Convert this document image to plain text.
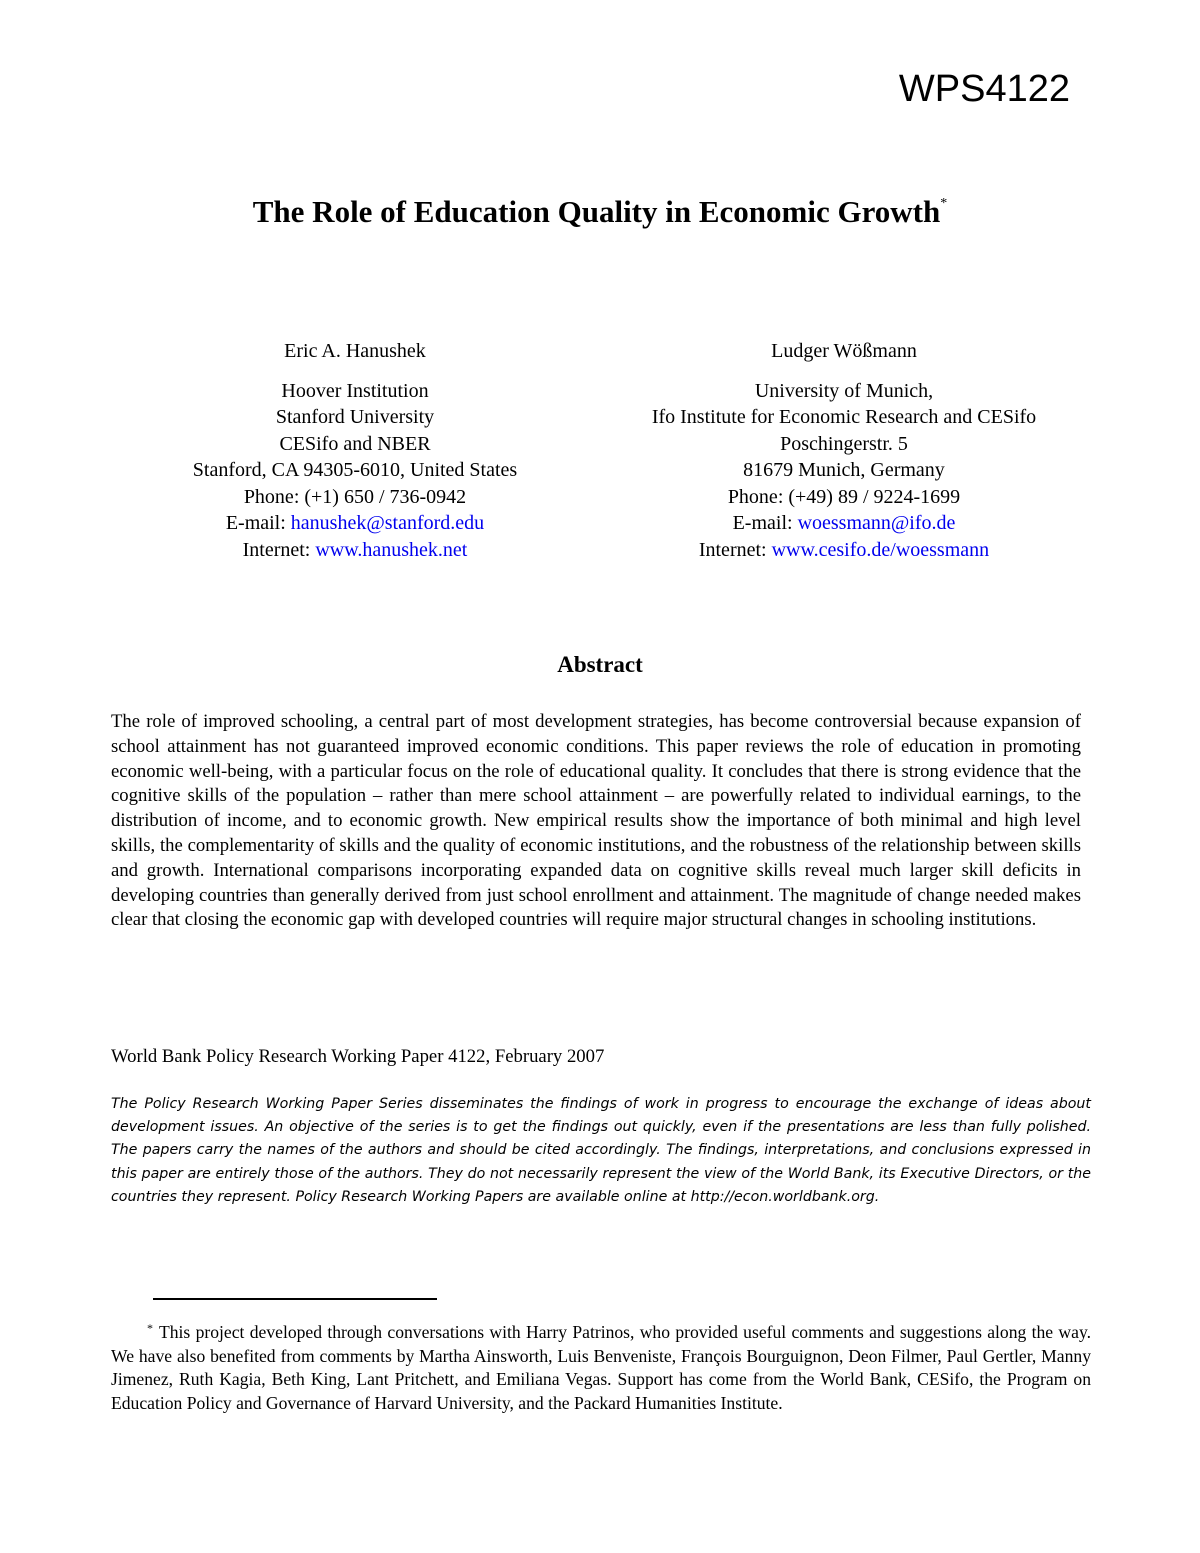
WPS4122
The Role of Education Quality in Economic Growth*
Eric A. Hanushek
Hoover Institution
Stanford University
CESifo and NBER
Stanford, CA 94305-6010, United States
Phone: (+1) 650 / 736-0942
E-mail: hanushek@stanford.edu
Internet: www.hanushek.net
Ludger Wößmann
University of Munich,
Ifo Institute for Economic Research and CESifo
Poschingerstr. 5
81679 Munich, Germany
Phone: (+49) 89 / 9224-1699
E-mail: woessmann@ifo.de
Internet: www.cesifo.de/woessmann
Abstract
The role of improved schooling, a central part of most development strategies, has become controversial because expansion of school attainment has not guaranteed improved economic conditions. This paper reviews the role of education in promoting economic well-being, with a particular focus on the role of educational quality. It concludes that there is strong evidence that the cognitive skills of the population – rather than mere school attainment – are powerfully related to individual earnings, to the distribution of income, and to economic growth. New empirical results show the importance of both minimal and high level skills, the complementarity of skills and the quality of economic institutions, and the robustness of the relationship between skills and growth. International comparisons incorporating expanded data on cognitive skills reveal much larger skill deficits in developing countries than generally derived from just school enrollment and attainment. The magnitude of change needed makes clear that closing the economic gap with developed countries will require major structural changes in schooling institutions.
World Bank Policy Research Working Paper 4122, February 2007
The Policy Research Working Paper Series disseminates the findings of work in progress to encourage the exchange of ideas about development issues. An objective of the series is to get the findings out quickly, even if the presentations are less than fully polished. The papers carry the names of the authors and should be cited accordingly. The findings, interpretations, and conclusions expressed in this paper are entirely those of the authors. They do not necessarily represent the view of the World Bank, its Executive Directors, or the countries they represent. Policy Research Working Papers are available online at http://econ.worldbank.org.
* This project developed through conversations with Harry Patrinos, who provided useful comments and suggestions along the way. We have also benefited from comments by Martha Ainsworth, Luis Benveniste, François Bourguignon, Deon Filmer, Paul Gertler, Manny Jimenez, Ruth Kagia, Beth King, Lant Pritchett, and Emiliana Vegas. Support has come from the World Bank, CESifo, the Program on Education Policy and Governance of Harvard University, and the Packard Humanities Institute.
